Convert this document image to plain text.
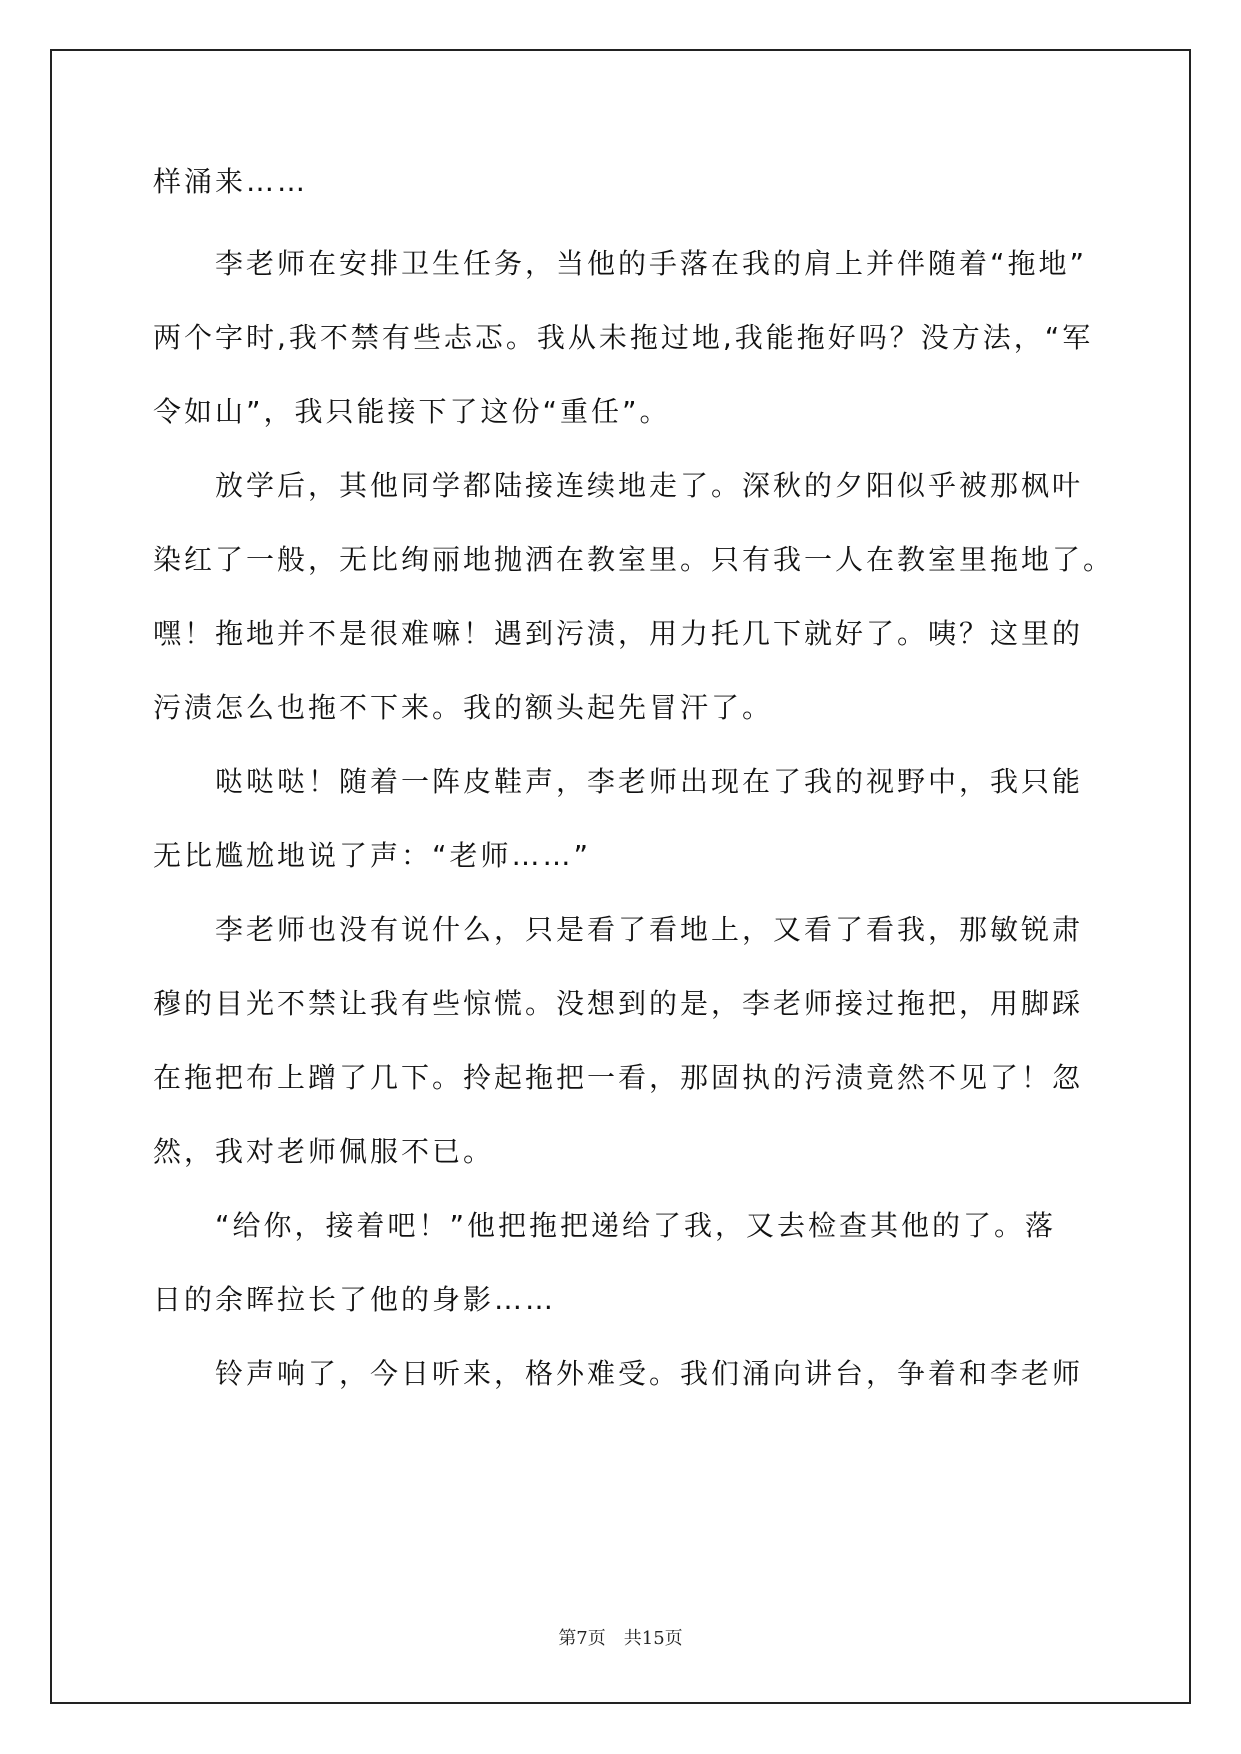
样涌来……
李老师在安排卫生任务，当他的手落在我的肩上并伴随着“拖地”
两个字时,我不禁有些忐忑。我从未拖过地,我能拖好吗？没方法，“军
令如山”，我只能接下了这份“重任”。
放学后，其他同学都陆接连续地走了。深秋的夕阳似乎被那枫叶
染红了一般，无比绚丽地抛洒在教室里。只有我一人在教室里拖地了。
嘿！拖地并不是很难嘛！遇到污渍，用力托几下就好了。咦？这里的
污渍怎么也拖不下来。我的额头起先冒汗了。
哒哒哒！随着一阵皮鞋声，李老师出现在了我的视野中，我只能
无比尴尬地说了声：“老师……”
李老师也没有说什么，只是看了看地上，又看了看我，那敏锐肃
穆的目光不禁让我有些惊慌。没想到的是，李老师接过拖把，用脚踩
在拖把布上蹭了几下。拎起拖把一看，那固执的污渍竟然不见了！忽
然，我对老师佩服不已。
“给你，接着吧！”他把拖把递给了我，又去检查其他的了。落
日的余晖拉长了他的身影……
铃声响了，今日听来，格外难受。我们涌向讲台，争着和李老师
第7页　共15页
